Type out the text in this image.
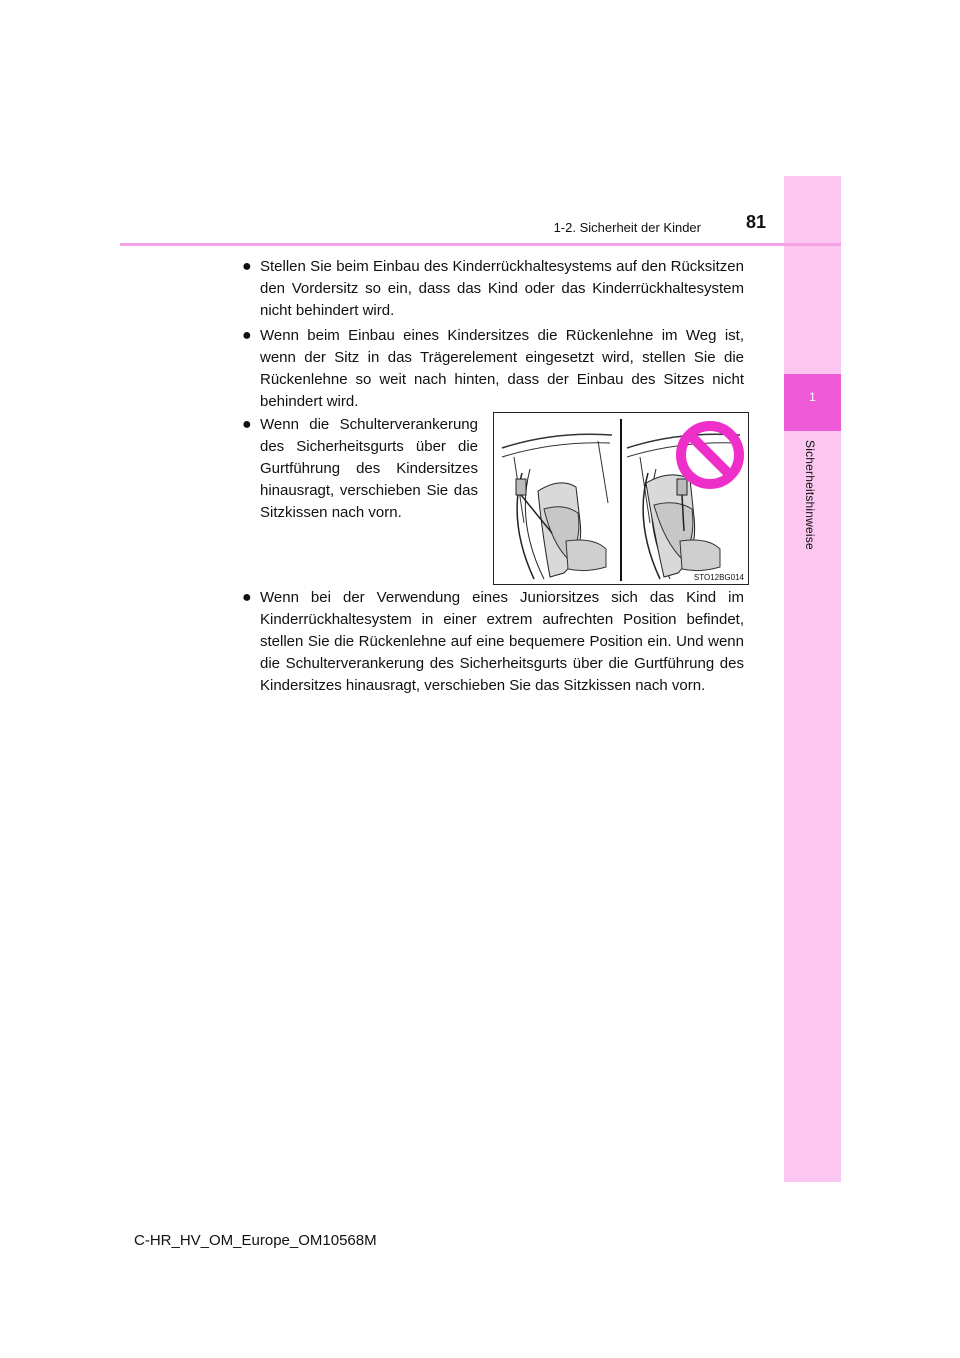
1
Sicherheitshinweise
1-2. Sicherheit der Kinder	81
● Stellen Sie beim Einbau des Kinderrückhaltesystems auf den Rücksitzen den Vordersitz so ein, dass das Kind oder das Kinderrückhaltesystem nicht behindert wird.
● Wenn beim Einbau eines Kindersitzes die Rückenlehne im Weg ist, wenn der Sitz in das Trägerelement eingesetzt wird, stellen Sie die Rückenlehne so weit nach hinten, dass der Einbau des Sitzes nicht behindert wird.
● Wenn die Schulterverankerung des Sicherheitsgurts über die Gurtführung des Kindersitzes hinausragt, verschieben Sie das Sitzkissen nach vorn.
STO12BG014
● Wenn bei der Verwendung eines Juniorsitzes sich das Kind im Kinderrückhaltesystem in einer extrem aufrechten Position befindet, stellen Sie die Rückenlehne auf eine bequemere Position ein. Und wenn die Schulterverankerung des Sicherheitsgurts über die Gurtführung des Kindersitzes hinausragt, verschieben Sie das Sitzkissen nach vorn.
C-HR_HV_OM_Europe_OM10568M
